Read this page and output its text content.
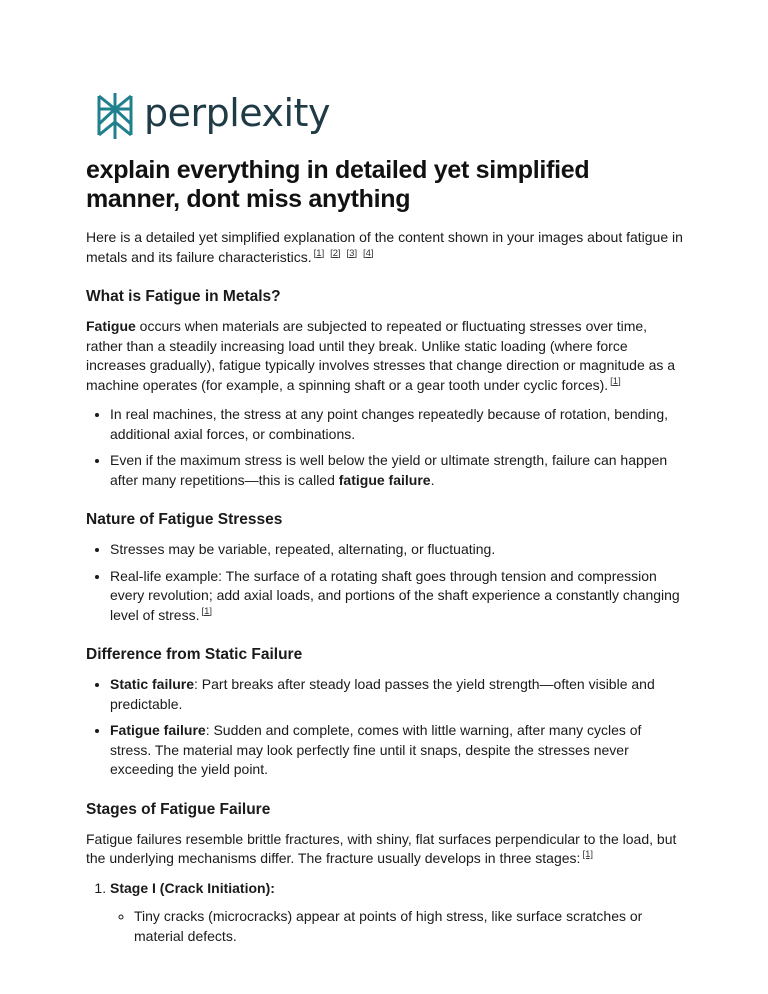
perplexity
explain everything in detailed yet simplified manner, dont miss anything

Here is a detailed yet simplified explanation of the content shown in your images about fatigue in metals and its failure characteristics. [1] [2] [3] [4]

What is Fatigue in Metals?

Fatigue occurs when materials are subjected to repeated or fluctuating stresses over time, rather than a steadily increasing load until they break. Unlike static loading (where force increases gradually), fatigue typically involves stresses that change direction or magnitude as a machine operates (for example, a spinning shaft or a gear tooth under cyclic forces). [1]

• In real machines, the stress at any point changes repeatedly because of rotation, bending, additional axial forces, or combinations.
• Even if the maximum stress is well below the yield or ultimate strength, failure can happen after many repetitions—this is called fatigue failure.
Nature of Fatigue Stresses
• Stresses may be variable, repeated, alternating, or fluctuating.
• Real-life example: The surface of a rotating shaft goes through tension and compression every revolution; add axial loads, and portions of the shaft experience a constantly changing level of stress. [1]
Difference from Static Failure
• Static failure: Part breaks after steady load passes the yield strength—often visible and predictable.
• Fatigue failure: Sudden and complete, comes with little warning, after many cycles of stress. The material may look perfectly fine until it snaps, despite the stresses never exceeding the yield point.
Stages of Fatigue Failure

Fatigue failures resemble brittle fractures, with shiny, flat surfaces perpendicular to the load, but the underlying mechanisms differ. The fracture usually develops in three stages: [1]

1. Stage I (Crack Initiation):
◦ Tiny cracks (microcracks) appear at points of high stress, like surface scratches or material defects.
